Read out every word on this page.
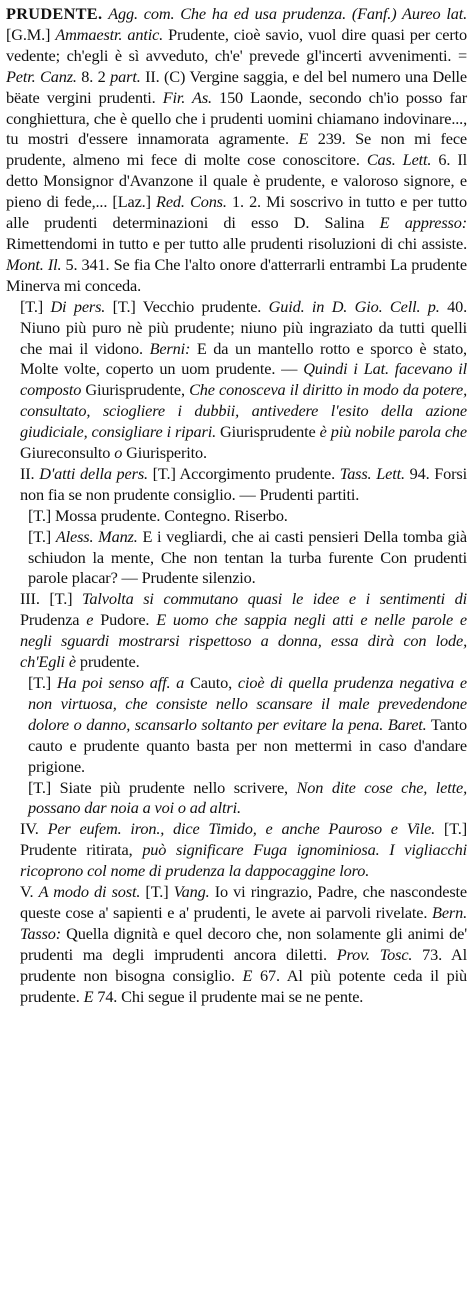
PRUDENTE. Agg. com. Che ha ed usa prudenza. (Fanf.) Aureo lat. [G.M.] Ammaestr. antic. Prudente, cioè savio, vuol dire quasi per certo vedente; ch'egli è sì avveduto, ch'e' prevede gl'incerti avvenimenti. = Petr. Canz. 8. 2 part. II. (C) Vergine saggia, e del bel numero una Delle bëate vergini prudenti. Fir. As. 150 Laonde, secondo ch'io posso far conghiettura, che è quello che i prudenti uomini chiamano indovinare..., tu mostri d'essere innamorata agramente. E 239. Se non mi fece prudente, almeno mi fece di molte cose conoscitore. Cas. Lett. 6. Il detto Monsignor d'Avanzone il quale è prudente, e valoroso signore, e pieno di fede,... [Laz.] Red. Cons. 1. 2. Mi soscrivo in tutto e per tutto alle prudenti determinazioni di esso D. Salina E appresso: Rimettendomi in tutto e per tutto alle prudenti risoluzioni di chi assiste. Mont. Il. 5. 341. Se fia Che l'alto onore d'atterrarli entrambi La prudente Minerva mi conceda.

[T.] Di pers. [T.] Vecchio prudente. Guid. in D. Gio. Cell. p. 40. Niuno più puro nè più prudente; niuno più ingraziato da tutti quelli che mai il vidono. Berni: E da un mantello rotto e sporco è stato, Molte volte, coperto un uom prudente. — Quindi i Lat. facevano il composto Giurisprudente, Che conosceva il diritto in modo da potere, consultato, sciogliere i dubbii, antivedere l'esito della azione giudiciale, consigliare i ripari. Giurisprudente è più nobile parola che Giureconsulto o Giurisperito.

II. D'atti della pers. [T.] Accorgimento prudente. Tass. Lett. 94. Forsi non fia se non prudente consiglio. — Prudenti partiti.

[T.] Mossa prudente. Contegno. Riserbo.

[T.] Aless. Manz. E i vegliardi, che ai casti pensieri Della tomba già schiudon la mente, Che non tentan la turba furente Con prudenti parole placar? — Prudente silenzio.

III. [T.] Talvolta si commutano quasi le idee e i sentimenti di Prudenza e Pudore. E uomo che sappia negli atti e nelle parole e negli sguardi mostrarsi rispettoso a donna, essa dirà con lode, ch'Egli è prudente.

[T.] Ha poi senso aff. a Cauto, cioè di quella prudenza negativa e non virtuosa, che consiste nello scansare il male prevedendone dolore o danno, scansarlo soltanto per evitare la pena. Baret. Tanto cauto e prudente quanto basta per non mettermi in caso d'andare prigione.

[T.] Siate più prudente nello scrivere, Non dite cose che, lette, possano dar noia a voi o ad altri.

IV. Per eufem. iron., dice Timido, e anche Pauroso e Vile. [T.] Prudente ritirata, può significare Fuga ignominiosa. I vigliacchi ricoprono col nome di prudenza la dappocaggine loro.

V. A modo di sost. [T.] Vang. Io vi ringrazio, Padre, che nascondeste queste cose a' sapienti e a' prudenti, le avete ai parvoli rivelate. Bern. Tasso: Quella dignità e quel decoro che, non solamente gli animi de' prudenti ma degli imprudenti ancora diletti. Prov. Tosc. 73. Al prudente non bisogna consiglio. E 67. Al più potente ceda il più prudente. E 74. Chi segue il prudente mai se ne pente.
